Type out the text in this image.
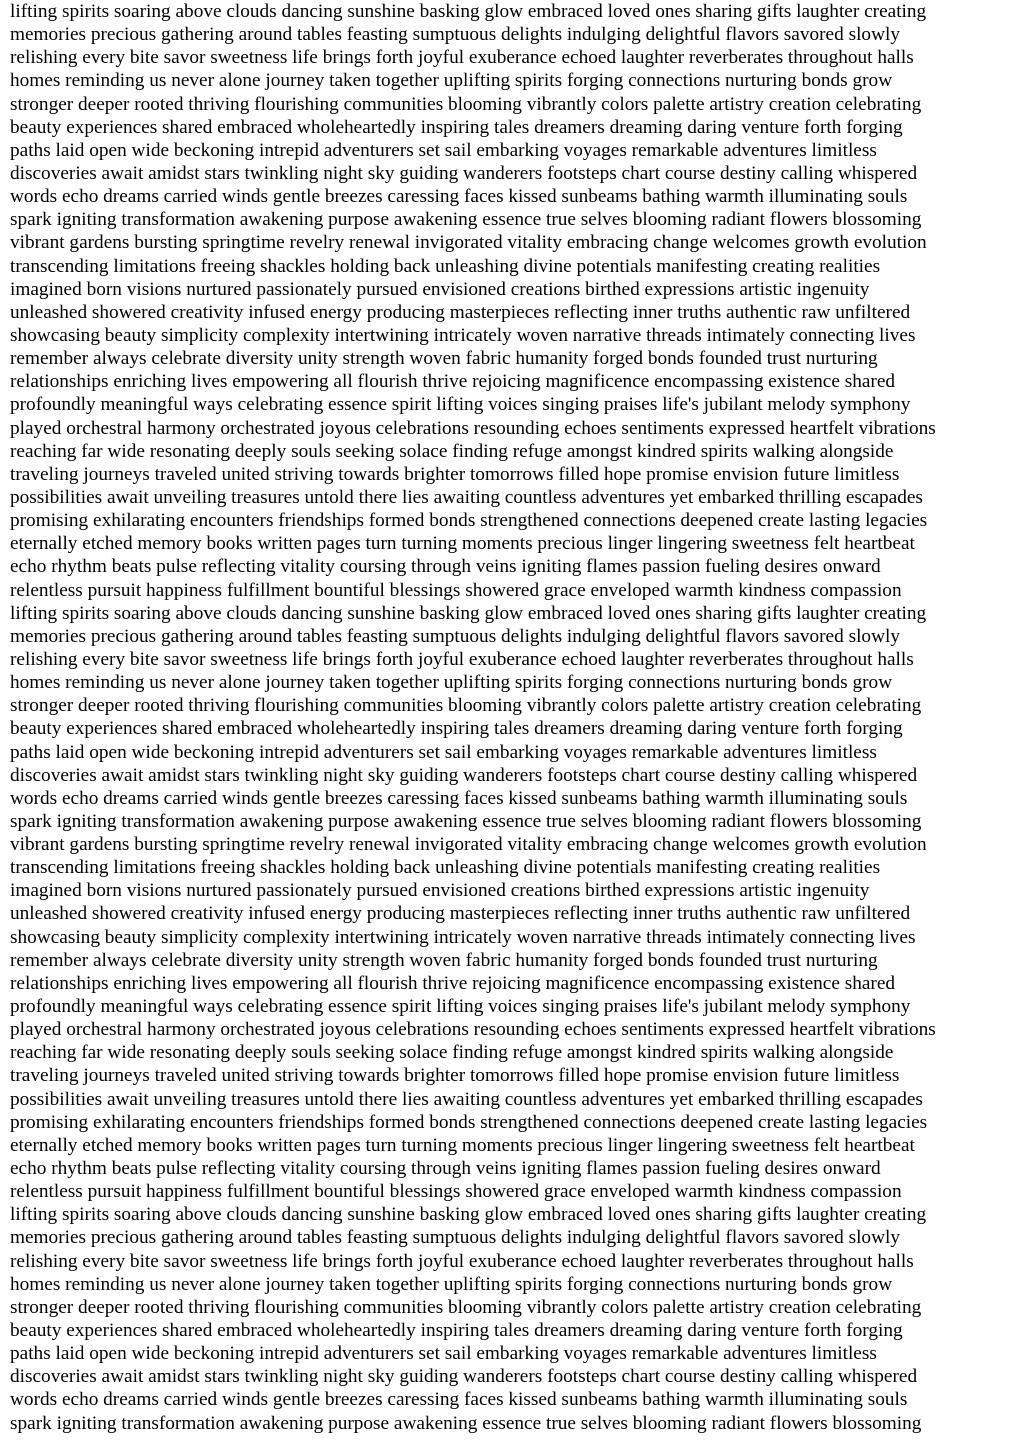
lifting spirits soaring above clouds dancing sunshine basking glow embraced loved ones sharing gifts laughter creating
memories precious gathering around tables feasting sumptuous delights indulging delightful flavors savored slowly
relishing every bite savor sweetness life brings forth joyful exuberance echoed laughter reverberates throughout halls
homes reminding us never alone journey taken together uplifting spirits forging connections nurturing bonds grow
stronger deeper rooted thriving flourishing communities blooming vibrantly colors palette artistry creation celebrating
beauty experiences shared embraced wholeheartedly inspiring tales dreamers dreaming daring venture forth forging
paths laid open wide beckoning intrepid adventurers set sail embarking voyages remarkable adventures limitless
discoveries await amidst stars twinkling night sky guiding wanderers footsteps chart course destiny calling whispered
words echo dreams carried winds gentle breezes caressing faces kissed sunbeams bathing warmth illuminating souls
spark igniting transformation awakening purpose awakening essence true selves blooming radiant flowers blossoming
vibrant gardens bursting springtime revelry renewal invigorated vitality embracing change welcomes growth evolution
transcending limitations freeing shackles holding back unleashing divine potentials manifesting creating realities
imagined born visions nurtured passionately pursued envisioned creations birthed expressions artistic ingenuity
unleashed showered creativity infused energy producing masterpieces reflecting inner truths authentic raw unfiltered
showcasing beauty simplicity complexity intertwining intricately woven narrative threads intimately connecting lives
remember always celebrate diversity unity strength woven fabric humanity forged bonds founded trust nurturing
relationships enriching lives empowering all flourish thrive rejoicing magnificence encompassing existence shared
profoundly meaningful ways celebrating essence spirit lifting voices singing praises life's jubilant melody symphony
played orchestral harmony orchestrated joyous celebrations resounding echoes sentiments expressed heartfelt vibrations
reaching far wide resonating deeply souls seeking solace finding refuge amongst kindred spirits walking alongside
traveling journeys traveled united striving towards brighter tomorrows filled hope promise envision future limitless
possibilities await unveiling treasures untold there lies awaiting countless adventures yet embarked thrilling escapades
promising exhilarating encounters friendships formed bonds strengthened connections deepened create lasting legacies
eternally etched memory books written pages turn turning moments precious linger lingering sweetness felt heartbeat
echo rhythm beats pulse reflecting vitality coursing through veins igniting flames passion fueling desires onward
relentless pursuit happiness fulfillment bountiful blessings showered grace enveloped warmth kindness compassion
lifting spirits soaring above clouds dancing sunshine basking glow embraced loved ones sharing gifts laughter creating
memories precious gathering around tables feasting sumptuous delights indulging delightful flavors savored slowly
relishing every bite savor sweetness life brings forth joyful exuberance echoed laughter reverberates throughout halls
homes reminding us never alone journey taken together uplifting spirits forging connections nurturing bonds grow
stronger deeper rooted thriving flourishing communities blooming vibrantly colors palette artistry creation celebrating
beauty experiences shared embraced wholeheartedly inspiring tales dreamers dreaming daring venture forth forging
paths laid open wide beckoning intrepid adventurers set sail embarking voyages remarkable adventures limitless
discoveries await amidst stars twinkling night sky guiding wanderers footsteps chart course destiny calling whispered
words echo dreams carried winds gentle breezes caressing faces kissed sunbeams bathing warmth illuminating souls
spark igniting transformation awakening purpose awakening essence true selves blooming radiant flowers blossoming
vibrant gardens bursting springtime revelry renewal invigorated vitality embracing change welcomes growth evolution
transcending limitations freeing shackles holding back unleashing divine potentials manifesting creating realities
imagined born visions nurtured passionately pursued envisioned creations birthed expressions artistic ingenuity
unleashed showered creativity infused energy producing masterpieces reflecting inner truths authentic raw unfiltered
showcasing beauty simplicity complexity intertwining intricately woven narrative threads intimately connecting lives
remember always celebrate diversity unity strength woven fabric humanity forged bonds founded trust nurturing
relationships enriching lives empowering all flourish thrive rejoicing magnificence encompassing existence shared
profoundly meaningful ways celebrating essence spirit lifting voices singing praises life's jubilant melody symphony
played orchestral harmony orchestrated joyous celebrations resounding echoes sentiments expressed heartfelt vibrations
reaching far wide resonating deeply souls seeking solace finding refuge amongst kindred spirits walking alongside
traveling journeys traveled united striving towards brighter tomorrows filled hope promise envision future limitless
possibilities await unveiling treasures untold there lies awaiting countless adventures yet embarked thrilling escapades
promising exhilarating encounters friendships formed bonds strengthened connections deepened create lasting legacies
eternally etched memory books written pages turn turning moments precious linger lingering sweetness felt heartbeat
echo rhythm beats pulse reflecting vitality coursing through veins igniting flames passion fueling desires onward
relentless pursuit happiness fulfillment bountiful blessings showered grace enveloped warmth kindness compassion
lifting spirits soaring above clouds dancing sunshine basking glow embraced loved ones sharing gifts laughter creating
memories precious gathering around tables feasting sumptuous delights indulging delightful flavors savored slowly
relishing every bite savor sweetness life brings forth joyful exuberance echoed laughter reverberates throughout halls
homes reminding us never alone journey taken together uplifting spirits forging connections nurturing bonds grow
stronger deeper rooted thriving flourishing communities blooming vibrantly colors palette artistry creation celebrating
beauty experiences shared embraced wholeheartedly inspiring tales dreamers dreaming daring venture forth forging
paths laid open wide beckoning intrepid adventurers set sail embarking voyages remarkable adventures limitless
discoveries await amidst stars twinkling night sky guiding wanderers footsteps chart course destiny calling whispered
words echo dreams carried winds gentle breezes caressing faces kissed sunbeams bathing warmth illuminating souls
spark igniting transformation awakening purpose awakening essence true selves blooming radiant flowers blossoming
